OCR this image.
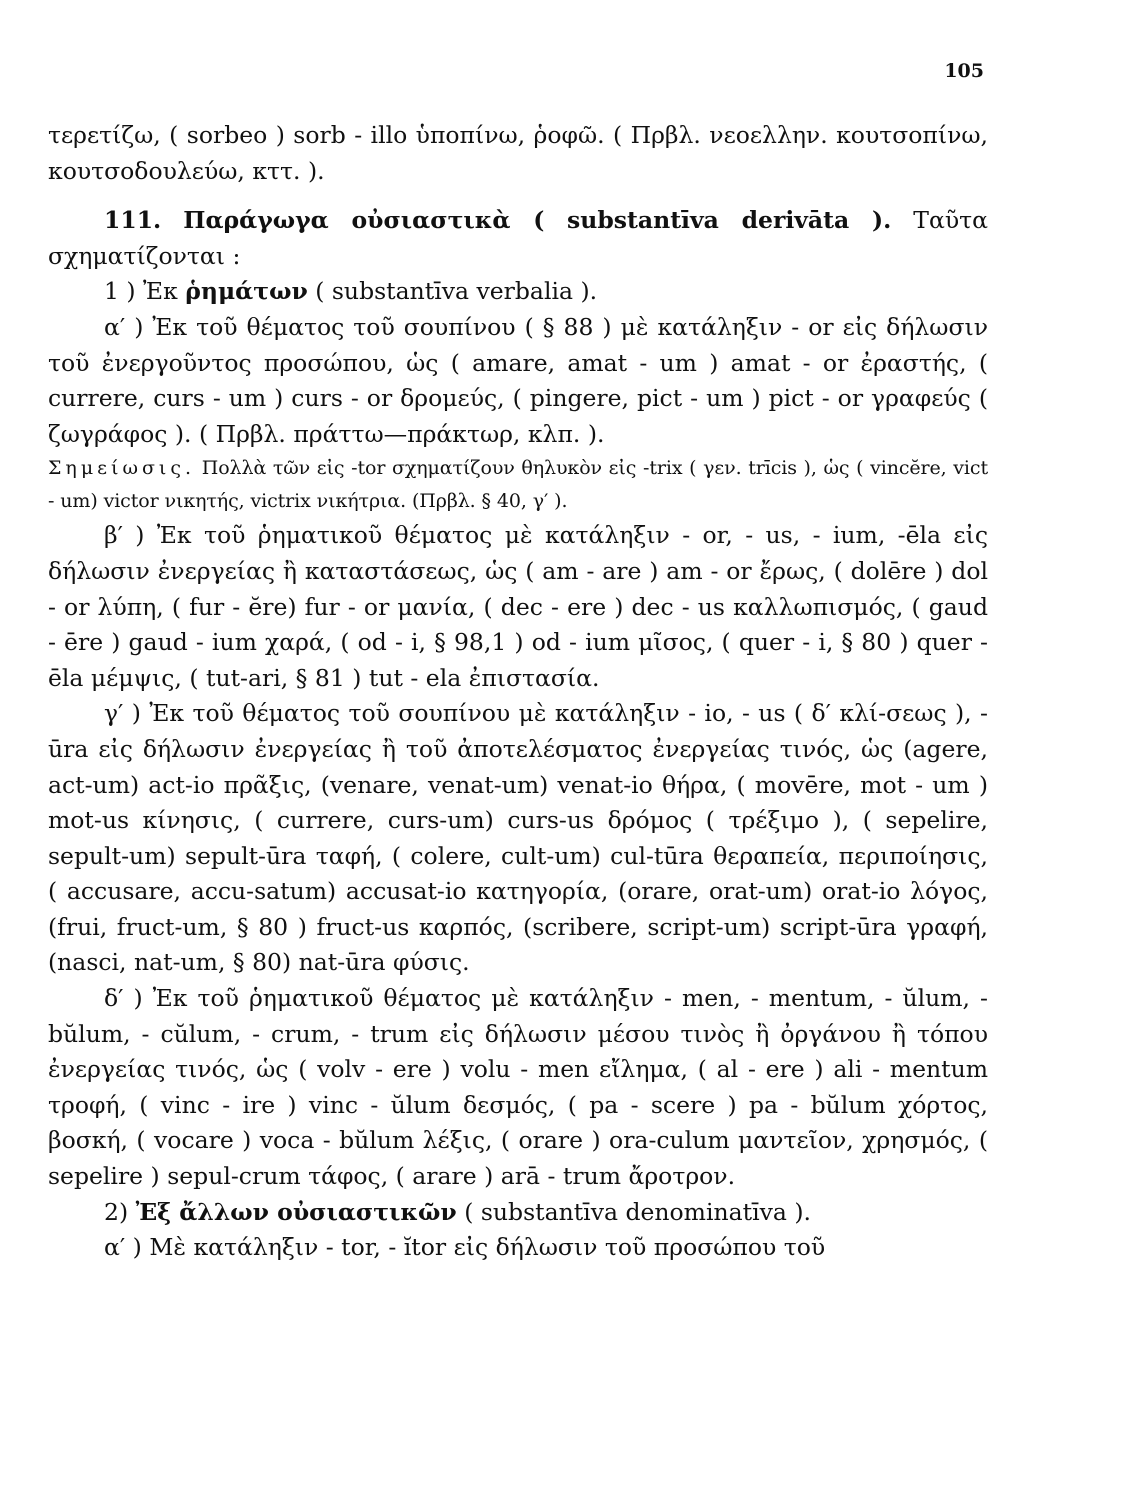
105

τερετίζω, ( sorbeo ) sorb - illo ὑποπίνω, ῥοφῶ. ( Πρβλ. νεοελλην. κουτσοπίνω, κουτσοδουλεύω, κττ. ).

111. Παράγωγα οὐσιαστικὰ ( substantīva derivāta ). Ταῦτα σχηματίζονται :

1 ) Ἐκ ῥημάτων ( substantīva verbalia ).

α′ ) Ἐκ τοῦ θέματος τοῦ σουπίνου ( § 88 ) μὲ κατάληξιν - or εἰς δήλωσιν τοῦ ἐνεργοῦντος προσώπου, ὡς ( amare, amat - um ) amat - or ἐραστής, ( currere, curs - um ) curs - or δρομεύς, ( pingere, pict - um ) pict - or γραφεύς ( ζωγράφος ). ( Πρβλ. πράττω—πράκτωρ, κλπ. ).

Σημείωσις. Πολλὰ τῶν εἰς -tor σχηματίζουν θηλυκὸν εἰς -trix ( γεν. trīcis ), ὡς ( vincĕre, vict - um) victor νικητής, victrix νικήτρια. (Πρβλ. § 40, γ′ ).

β′ ) Ἐκ τοῦ ῥηματικοῦ θέματος μὲ κατάληξιν - or, - us, - ium, -ēla εἰς δήλωσιν ἐνεργείας ἢ καταστάσεως, ὡς ( am - are ) am - or ἔρως, ( dolēre ) dol - or λύπη, ( fur - ĕre) fur - or μανία, ( dec - ere ) dec - us καλλωπισμός, ( gaud - ēre ) gaud - ium χαρά, ( od - i, § 98,1 ) od - ium μῖσος, ( quer - i, § 80 ) quer - ēla μέμψις, ( tut-ari, § 81 ) tut - ela ἐπιστασία.

γ′ ) Ἐκ τοῦ θέματος τοῦ σουπίνου μὲ κατάληξιν - io, - us ( δ′ κλί-σεως ), - ūra εἰς δήλωσιν ἐνεργείας ἢ τοῦ ἀποτελέσματος ἐνεργείας τινός, ὡς (agere, act-um) act-io πρᾶξις, (venare, venat-um) venat-io θήρα, ( movēre, mot - um ) mot-us κίνησις, ( currere, curs-um) curs-us δρόμος ( τρέξιμο ), ( sepelire, sepult-um) sepult-ūra ταφή, ( colere, cult-um) cul-tūra θεραπεία, περιποίησις, ( accusare, accu-satum) accusat-io κατηγορία, (orare, orat-um) orat-io λόγος, (frui, fruct-um, § 80 ) fruct-us καρπός, (scribere, script-um) script-ūra γραφή, (nasci, nat-um, § 80) nat-ūra φύσις.

δ′ ) Ἐκ τοῦ ῥηματικοῦ θέματος μὲ κατάληξιν - men, - mentum, - ŭlum, - bŭlum, - cŭlum, - crum, - trum εἰς δήλωσιν μέσου τινὸς ἢ ὀργάνου ἢ τόπου ἐνεργείας τινός, ὡς ( volv - ere ) volu - men εἴλημα, ( al - ere ) ali - mentum τροφή, ( vinc - ire ) vinc - ŭlum δεσμός, ( pa - scere ) pa - bŭlum χόρτος, βοσκή, ( vocare ) voca - bŭlum λέξις, ( orare ) ora-culum μαντεῖον, χρησμός, ( sepelire ) sepul-crum τάφος, ( arare ) arā - trum ἄροτρον.

2) Ἐξ ἄλλων οὐσιαστικῶν ( substantīva denominatīva ).

α′ ) Μὲ κατάληξιν - tor, - ĭtor εἰς δήλωσιν τοῦ προσώπου τοῦ
